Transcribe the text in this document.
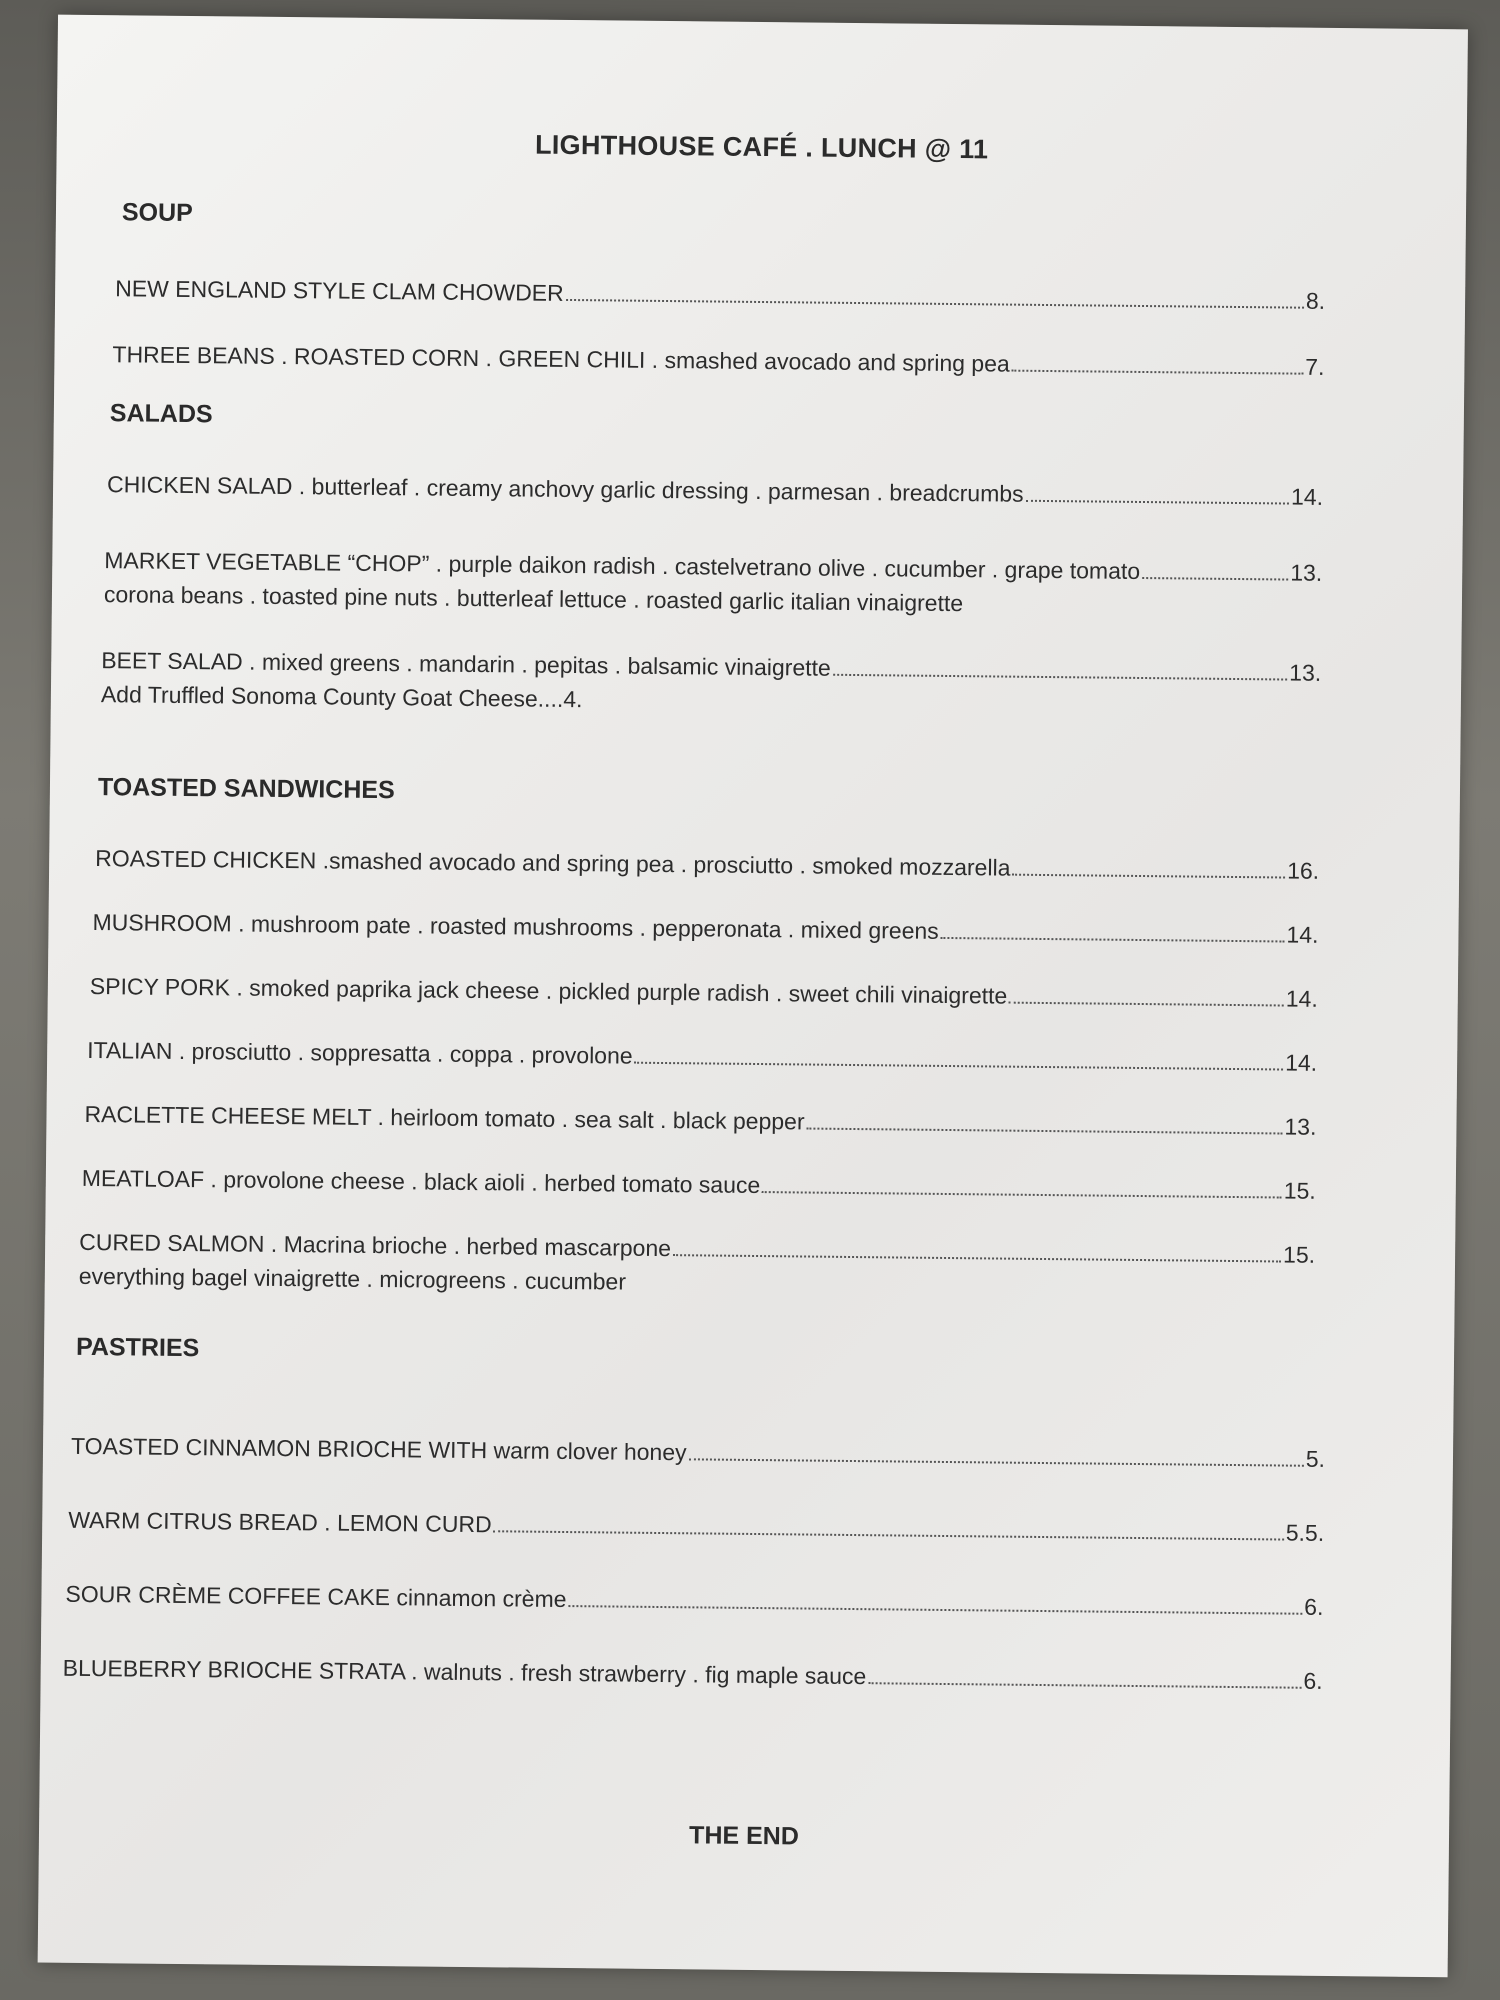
LIGHTHOUSE CAFÉ . LUNCH @ 11
SOUP
NEW ENGLAND STYLE CLAM CHOWDER	8.
THREE BEANS . ROASTED CORN . GREEN CHILI . smashed avocado and spring pea	7.
SALADS
CHICKEN SALAD . butterleaf . creamy anchovy garlic dressing . parmesan . breadcrumbs	14.
MARKET VEGETABLE “CHOP” . purple daikon radish . castelvetrano olive . cucumber . grape tomato	13.
corona beans . toasted pine nuts . butterleaf lettuce . roasted garlic italian vinaigrette
BEET SALAD . mixed greens . mandarin . pepitas . balsamic vinaigrette	13.
Add Truffled Sonoma County Goat Cheese....4.
TOASTED SANDWICHES
ROASTED CHICKEN .smashed avocado and spring pea . prosciutto . smoked mozzarella	16.
MUSHROOM . mushroom pate . roasted mushrooms . pepperonata . mixed greens	14.
SPICY PORK . smoked paprika jack cheese . pickled purple radish . sweet chili vinaigrette	14.
ITALIAN . prosciutto . soppresatta . coppa . provolone	14.
RACLETTE CHEESE MELT . heirloom tomato . sea salt . black pepper	13.
MEATLOAF . provolone cheese . black aioli . herbed tomato sauce	15.
CURED SALMON . Macrina brioche . herbed mascarpone	15.
everything bagel vinaigrette . microgreens . cucumber
PASTRIES
TOASTED CINNAMON BRIOCHE WITH warm clover honey	5.
WARM CITRUS BREAD . LEMON CURD	5.5.
SOUR CRÈME COFFEE CAKE cinnamon crème	6.
BLUEBERRY BRIOCHE STRATA . walnuts . fresh strawberry . fig maple sauce	6.
THE END
